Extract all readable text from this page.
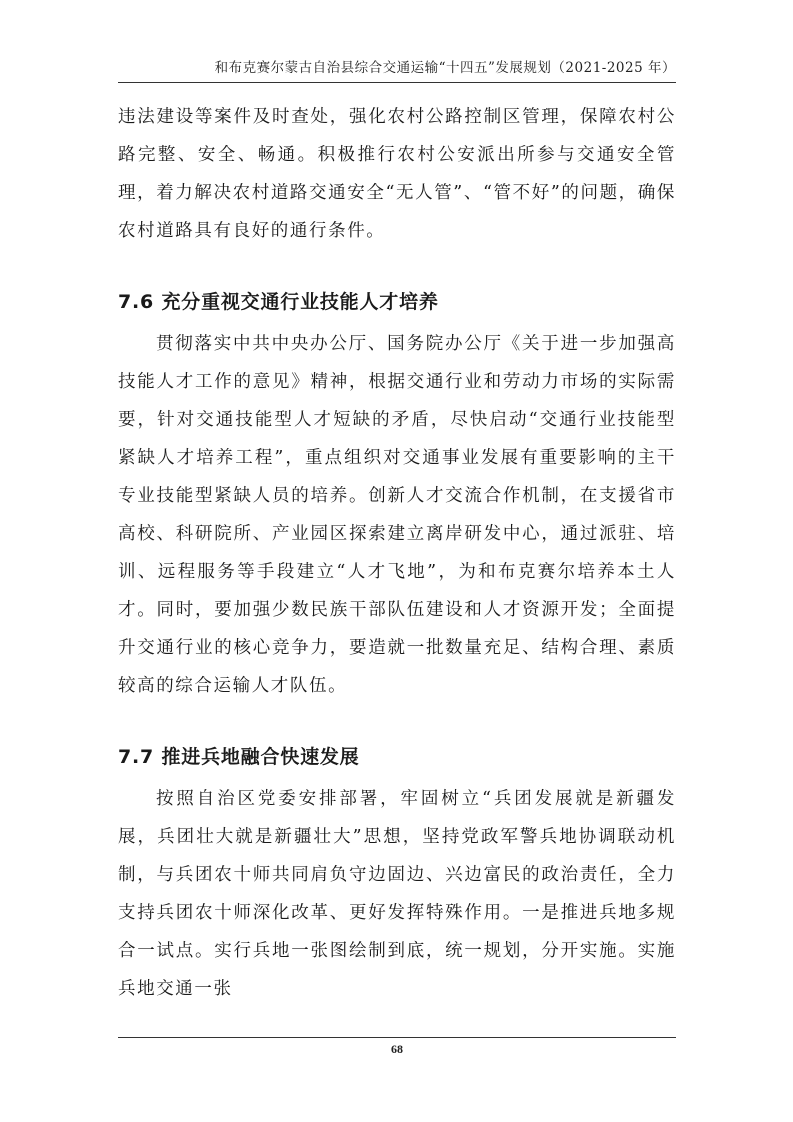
和布克赛尔蒙古自治县综合交通运输“十四五”发展规划（2021-2025 年）

违法建设等案件及时查处，强化农村公路控制区管理，保障农村公路完整、安全、畅通。积极推行农村公安派出所参与交通安全管理，着力解决农村道路交通安全“无人管”、“管不好”的问题，确保农村道路具有良好的通行条件。

7.6 充分重视交通行业技能人才培养

贯彻落实中共中央办公厅、国务院办公厅《关于进一步加强高技能人才工作的意见》精神，根据交通行业和劳动力市场的实际需要，针对交通技能型人才短缺的矛盾，尽快启动“交通行业技能型紧缺人才培养工程”，重点组织对交通事业发展有重要影响的主干专业技能型紧缺人员的培养。创新人才交流合作机制，在支援省市高校、科研院所、产业园区探索建立离岸研发中心，通过派驻、培训、远程服务等手段建立“人才飞地”，为和布克赛尔培养本土人才。同时，要加强少数民族干部队伍建设和人才资源开发；全面提升交通行业的核心竞争力，要造就一批数量充足、结构合理、素质较高的综合运输人才队伍。

7.7 推进兵地融合快速发展

按照自治区党委安排部署，牢固树立“兵团发展就是新疆发展，兵团壮大就是新疆壮大”思想，坚持党政军警兵地协调联动机制，与兵团农十师共同肩负守边固边、兴边富民的政治责任，全力支持兵团农十师深化改革、更好发挥特殊作用。一是推进兵地多规合一试点。实行兵地一张图绘制到底，统一规划，分开实施。实施兵地交通一张

68
